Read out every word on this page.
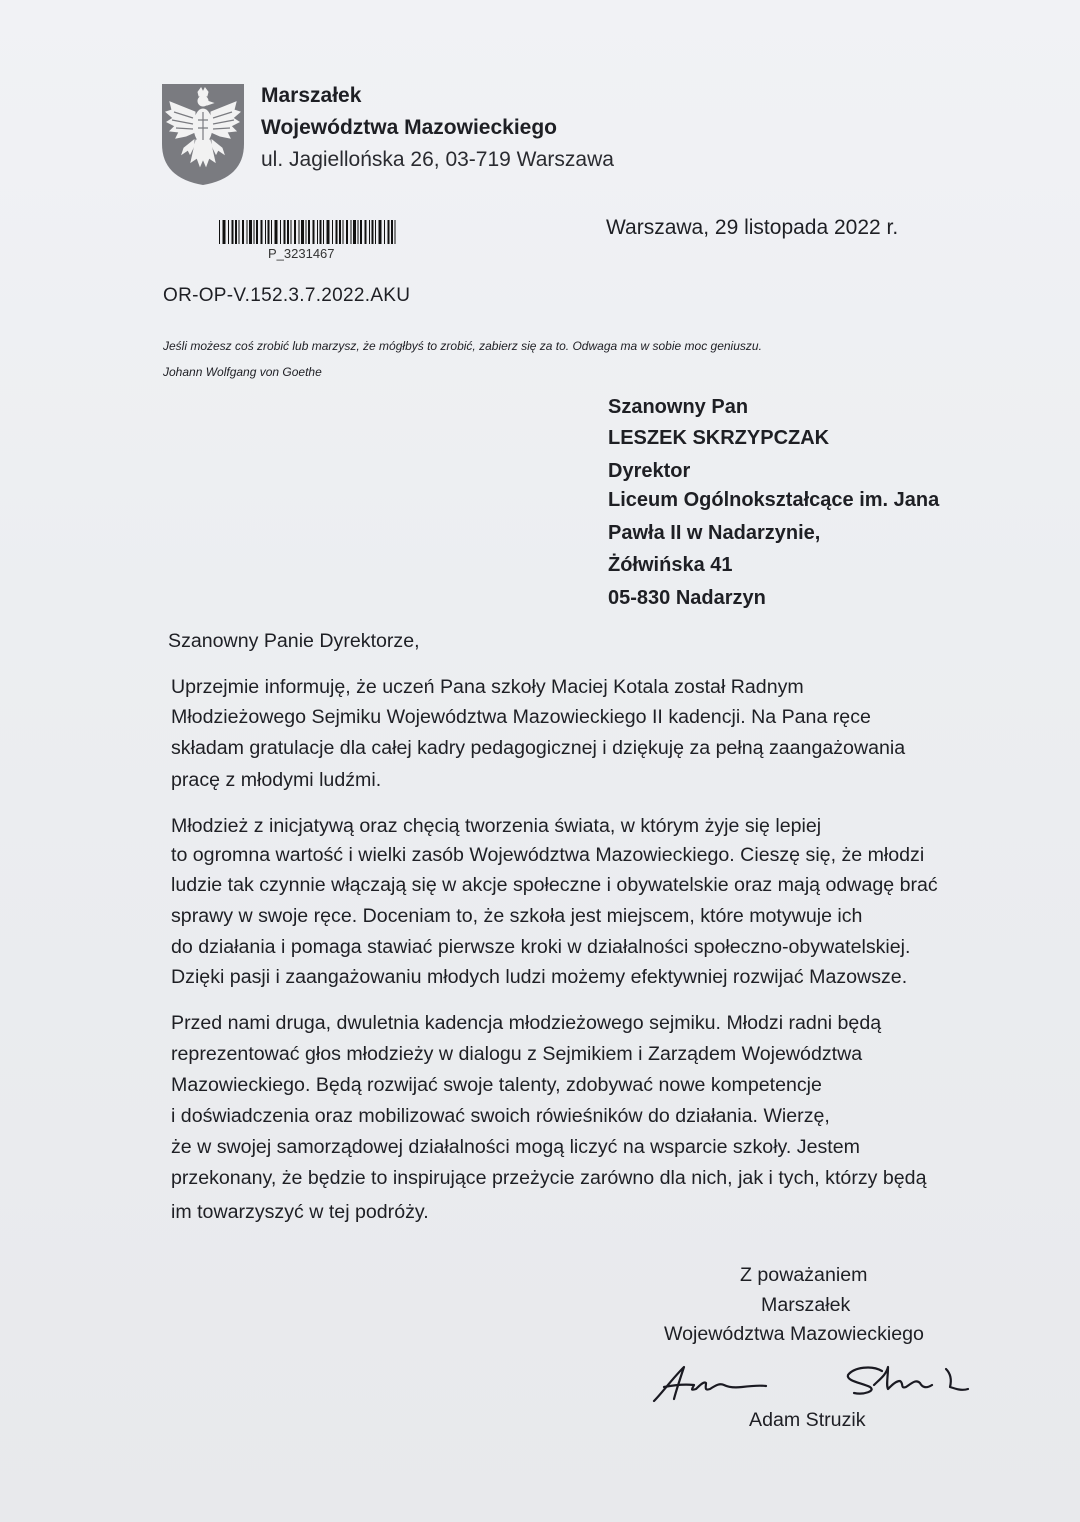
Marszałek
Województwa Mazowieckiego
ul. Jagiellońska 26, 03-719 Warszawa
P_3231467
Warszawa, 29 listopada 2022 r.
OR-OP-V.152.3.7.2022.AKU
Jeśli możesz coś zrobić lub marzysz, że mógłbyś to zrobić, zabierz się za to. Odwaga ma w sobie moc geniuszu.
Johann Wolfgang von Goethe
Szanowny Pan
LESZEK SKRZYPCZAK
Dyrektor
Liceum Ogólnokształcące im. Jana
Pawła II w Nadarzynie,
Żółwińska 41
05-830 Nadarzyn
Szanowny Panie Dyrektorze,
Uprzejmie informuję, że uczeń Pana szkoły Maciej Kotala został Radnym
Młodzieżowego Sejmiku Województwa Mazowieckiego II kadencji. Na Pana ręce
składam gratulacje dla całej kadry pedagogicznej i dziękuję za pełną zaangażowania
pracę z młodymi ludźmi.
Młodzież z inicjatywą oraz chęcią tworzenia świata, w którym żyje się lepiej
to ogromna wartość i wielki zasób Województwa Mazowieckiego. Cieszę się, że młodzi
ludzie tak czynnie włączają się w akcje społeczne i obywatelskie oraz mają odwagę brać
sprawy w swoje ręce. Doceniam to, że szkoła jest miejscem, które motywuje ich
do działania i pomaga stawiać pierwsze kroki w działalności społeczno-obywatelskiej.
Dzięki pasji i zaangażowaniu młodych ludzi możemy efektywniej rozwijać Mazowsze.
Przed nami druga, dwuletnia kadencja młodzieżowego sejmiku. Młodzi radni będą
reprezentować głos młodzieży w dialogu z Sejmikiem i Zarządem Województwa
Mazowieckiego. Będą rozwijać swoje talenty, zdobywać nowe kompetencje
i doświadczenia oraz mobilizować swoich rówieśników do działania. Wierzę,
że w swojej samorządowej działalności mogą liczyć na wsparcie szkoły. Jestem
przekonany, że będzie to inspirujące przeżycie zarówno dla nich, jak i tych, którzy będą
im towarzyszyć w tej podróży.
Z poważaniem
Marszałek
Województwa Mazowieckiego
Adam Struzik
